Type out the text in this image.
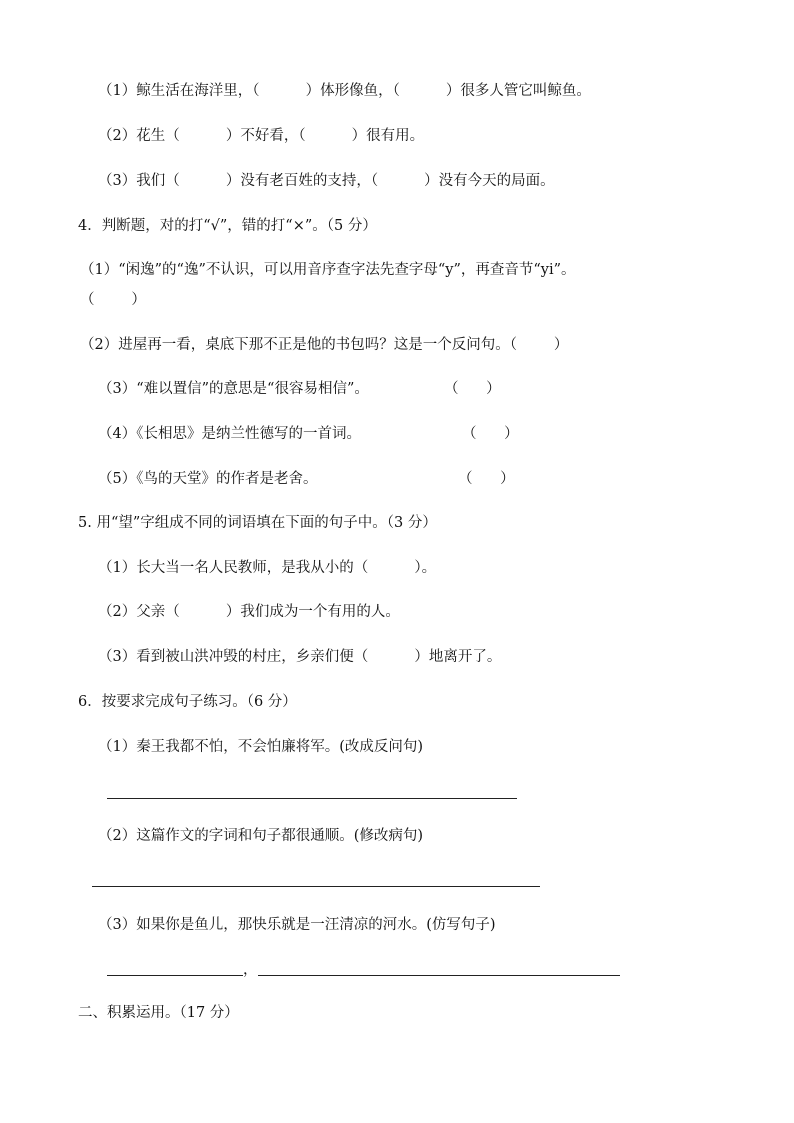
（1）鲸生活在海洋里，（          ）体形像鱼，（          ）很多人管它叫鲸鱼。
（2）花生（          ）不好看，（          ）很有用。
（3）我们（          ）没有老百姓的支持，（          ）没有今天的局面。
4．判断题，对的打“√”，错的打“×”。（5 分）
（1）“闲逸”的“逸”不认识，可以用音序查字法先查字母“y”，再查音节“yi”。
（        ）
（2）进屋再一看，桌底下那不正是他的书包吗？这是一个反问句。（        ）
（3）“难以置信”的意思是“很容易相信”。	（      ）
（4）《长相思》是纳兰性德写的一首词。	（      ）
（5）《鸟的天堂》的作者是老舍。	（      ）
5. 用“望”字组成不同的词语填在下面的句子中。（3 分）
（1）长大当一名人民教师，是我从小的（          ）。
（2）父亲（          ）我们成为一个有用的人。
（3）看到被山洪冲毁的村庄，乡亲们便（          ）地离开了。
6．按要求完成句子练习。（6 分）
（1）秦王我都不怕，不会怕廉将军。(改成反问句)
（2）这篇作文的字词和句子都很通顺。(修改病句)
（3）如果你是鱼儿，那快乐就是一汪清凉的河水。(仿写句子)
，
二、积累运用。（17 分）
